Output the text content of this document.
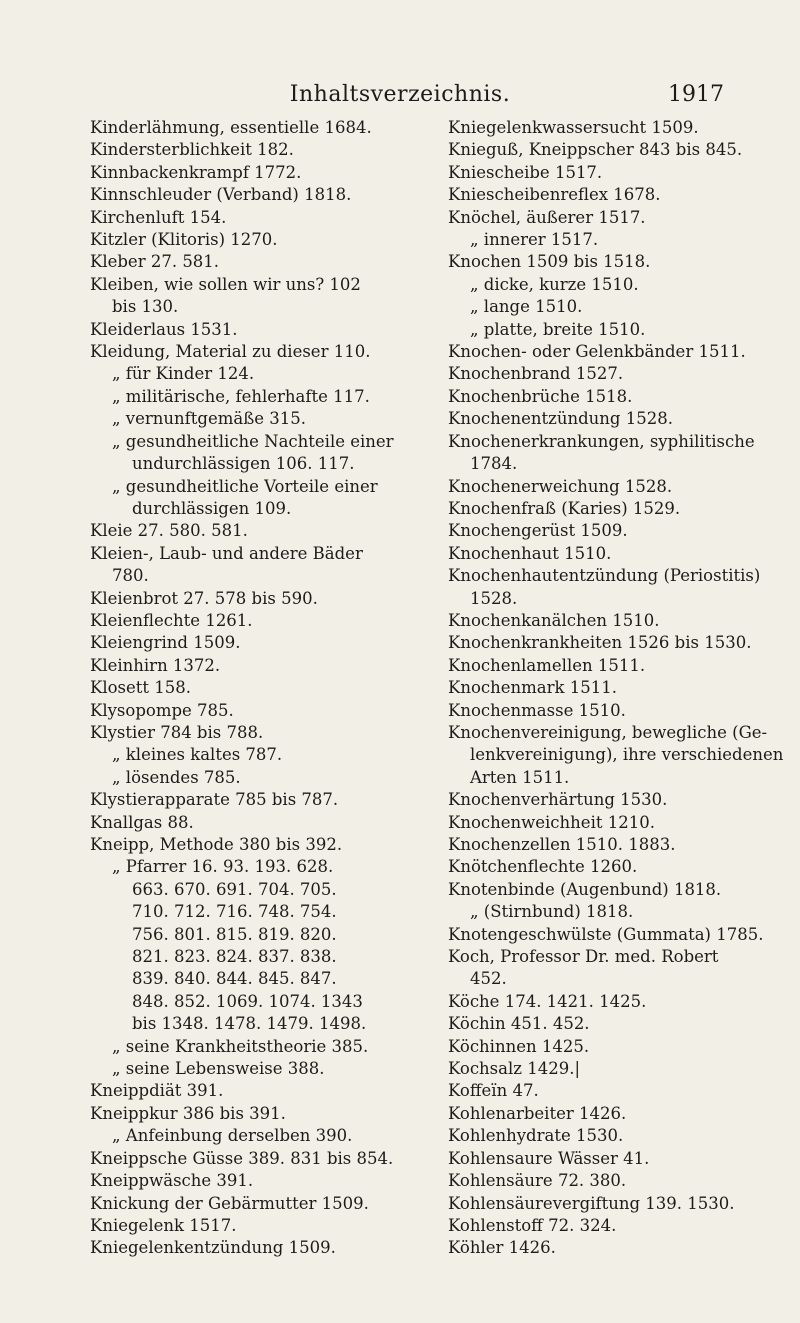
Inhaltsverzeichnis.	1917
Kinderlähmung, essentielle 1684.
Kindersterblichkeit 182.
Kinnbackenkrampf 1772.
Kinnschleuder (Verband) 1818.
Kirchenluft 154.
Kitzler (Klitoris) 1270.
Kleber 27. 581.
Kleiben, wie sollen wir uns? 102
bis 130.
Kleiderlaus 1531.
Kleidung, Material zu dieser 110.
„ für Kinder 124.
„ militärische, fehlerhafte 117.
„ vernunftgemäße 315.
„ gesundheitliche Nachteile einer
undurchlässigen 106. 117.
„ gesundheitliche Vorteile einer
durchlässigen 109.
Kleie 27. 580. 581.
Kleien-, Laub- und andere Bäder
780.
Kleienbrot 27. 578 bis 590.
Kleienflechte 1261.
Kleiengrind 1509.
Kleinhirn 1372.
Klosett 158.
Klysopompe 785.
Klystier 784 bis 788.
„ kleines kaltes 787.
„ lösendes 785.
Klystierapparate 785 bis 787.
Knallgas 88.
Kneipp, Methode 380 bis 392.
„ Pfarrer 16. 93. 193. 628.
663. 670. 691. 704. 705.
710. 712. 716. 748. 754.
756. 801. 815. 819. 820.
821. 823. 824. 837. 838.
839. 840. 844. 845. 847.
848. 852. 1069. 1074. 1343
bis 1348. 1478. 1479. 1498.
„ seine Krankheitstheorie 385.
„ seine Lebensweise 388.
Kneippdiät 391.
Kneippkur 386 bis 391.
„ Anfeinbung derselben 390.
Kneippsche Güsse 389. 831 bis 854.
Kneippwäsche 391.
Knickung der Gebärmutter 1509.
Kniegelenk 1517.
Kniegelenkentzündung 1509.
Kniegelenkwassersucht 1509.
Knieguß, Kneippscher 843 bis 845.
Kniescheibe 1517.
Kniescheibenreflex 1678.
Knöchel, äußerer 1517.
„ innerer 1517.
Knochen 1509 bis 1518.
„ dicke, kurze 1510.
„ lange 1510.
„ platte, breite 1510.
Knochen- oder Gelenkbänder 1511.
Knochenbrand 1527.
Knochenbrüche 1518.
Knochenentzündung 1528.
Knochenerkrankungen, syphilitische
1784.
Knochenerweichung 1528.
Knochenfraß (Karies) 1529.
Knochengerüst 1509.
Knochenhaut 1510.
Knochenhautentzündung (Periostitis)
1528.
Knochenkanälchen 1510.
Knochenkrankheiten 1526 bis 1530.
Knochenlamellen 1511.
Knochenmark 1511.
Knochenmasse 1510.
Knochenvereinigung, bewegliche (Ge-
lenkvereinigung), ihre verschiedenen
Arten 1511.
Knochenverhärtung 1530.
Knochenweichheit 1210.
Knochenzellen 1510. 1883.
Knötchenflechte 1260.
Knotenbinde (Augenbund) 1818.
„ (Stirnbund) 1818.
Knotengeschwülste (Gummata) 1785.
Koch, Professor Dr. med. Robert
452.
Köche 174. 1421. 1425.
Köchin 451. 452.
Köchinnen 1425.
Kochsalz 1429.|
Koffeïn 47.
Kohlenarbeiter 1426.
Kohlenhydrate 1530.
Kohlensaure Wässer 41.
Kohlensäure 72. 380.
Kohlensäurevergiftung 139. 1530.
Kohlenstoff 72. 324.
Köhler 1426.
